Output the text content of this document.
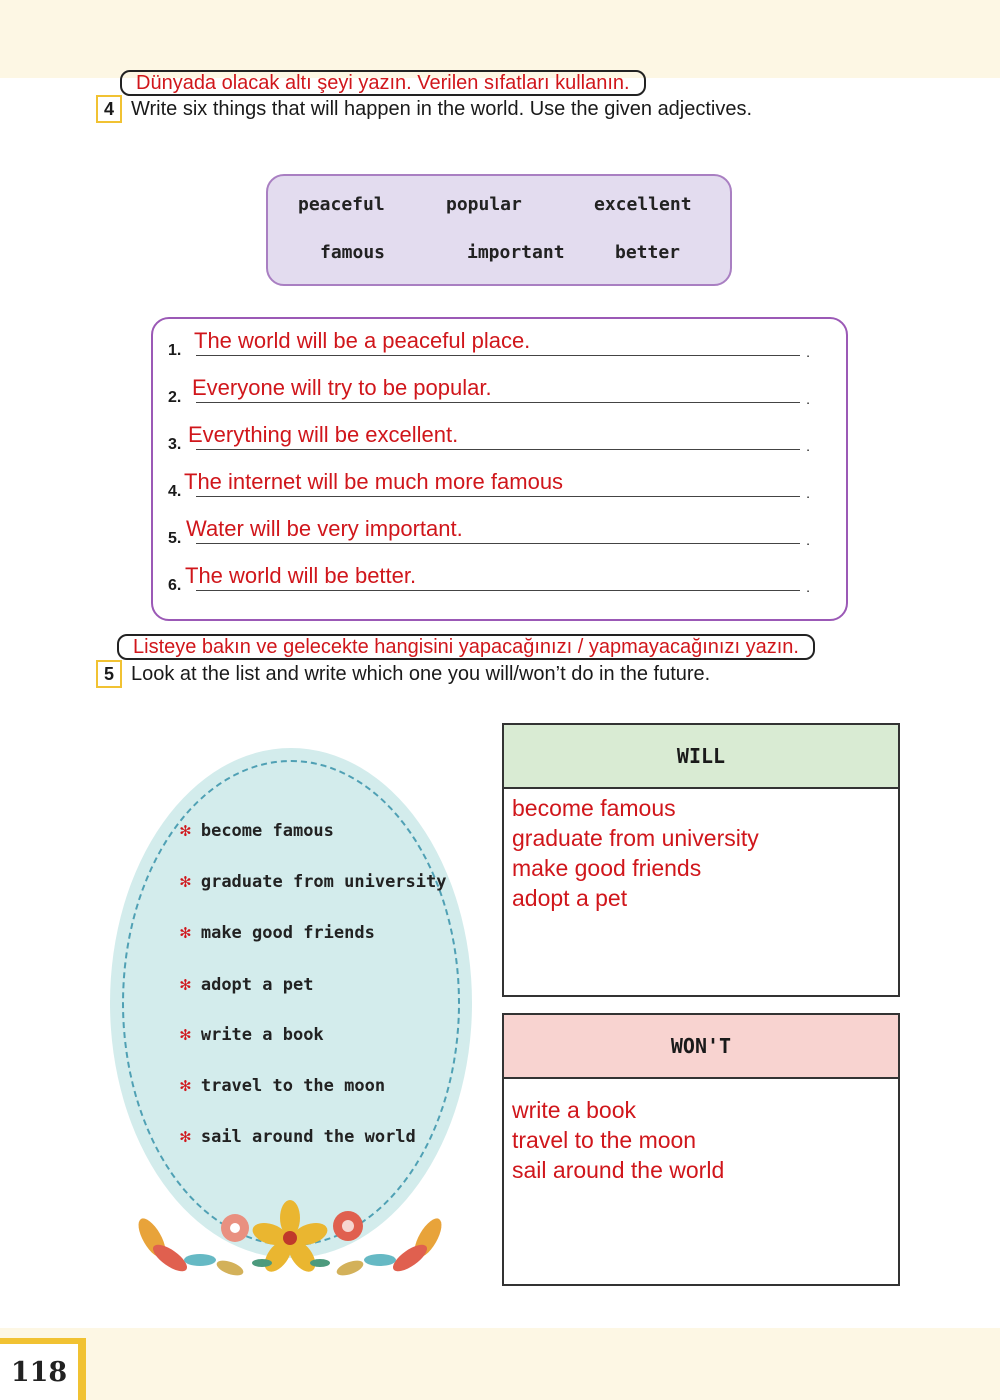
Dünyada olacak altı şeyi yazın. Verilen sıfatları kullanın.
4 Write six things that will happen in the world. Use the given adjectives.
peaceful	popular	excellent
famous	important	better
1. The world will be a peaceful place.	.
2. Everyone will try to be popular.	.
3. Everything will be excellent.	.
4. The internet will be much more famous	.
5. Water will be very important.	.
6. The world will be better.	.
Listeye bakın ve gelecekte hangisini yapacağınızı / yapmayacağınızı yazın.
5 Look at the list and write which one you will/won’t do in the future.
✻ become famous
✻ graduate from university
✻ make good friends
✻ adopt a pet
✻ write a book
✻ travel to the moon
✻ sail around the world
WILL
become famous
graduate from university
make good friends
adopt a pet
WON'T
write a book
travel to the moon
sail around the world
118
